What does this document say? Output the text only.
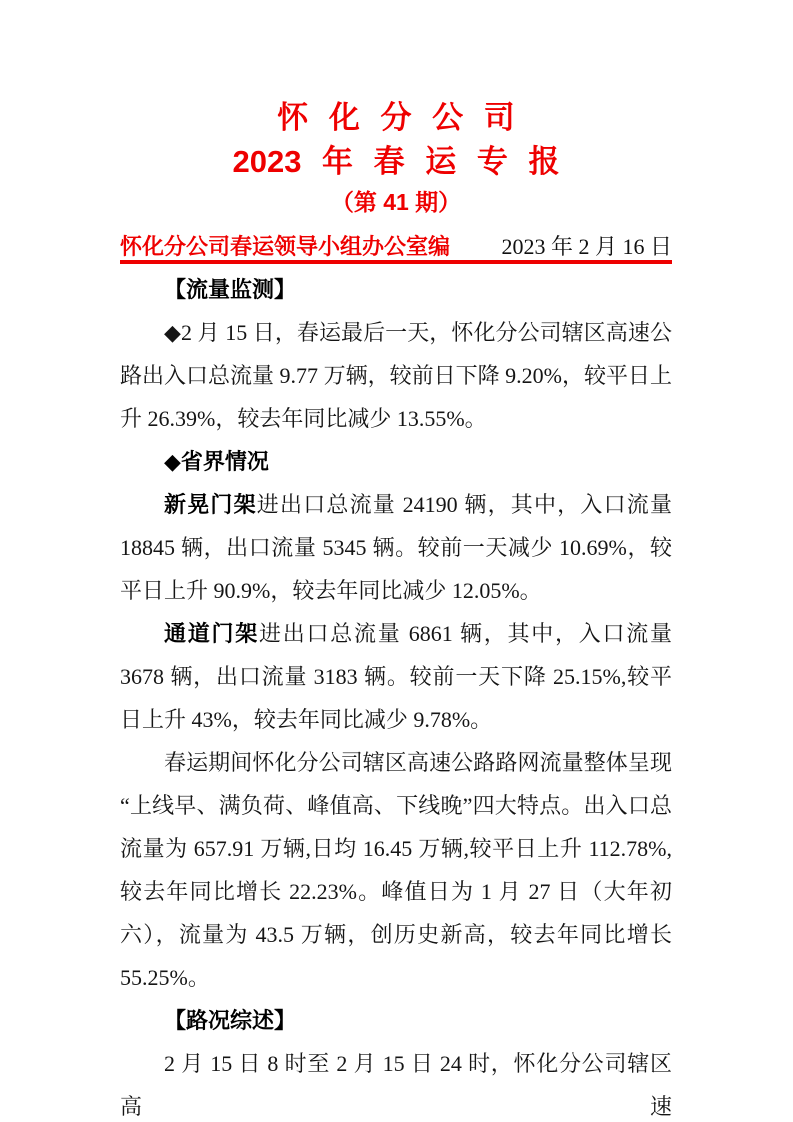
怀 化 分 公 司
2023 年 春 运 专 报
（第 41 期）
怀化分公司春运领导小组办公室编 2023 年 2 月 16 日

【流量监测】

◆2 月 15 日，春运最后一天，怀化分公司辖区高速公路出入口总流量 9.77 万辆，较前日下降 9.20%，较平日上升 26.39%，较去年同比减少 13.55%。

◆省界情况

新晃门架进出口总流量 24190 辆，其中，入口流量 18845 辆，出口流量 5345 辆。较前一天减少 10.69%，较平日上升 90.9%，较去年同比减少 12.05%。

通道门架进出口总流量 6861 辆，其中，入口流量 3678 辆，出口流量 3183 辆。较前一天下降 25.15%,较平日上升 43%，较去年同比减少 9.78%。

春运期间怀化分公司辖区高速公路路网流量整体呈现“上线早、满负荷、峰值高、下线晚”四大特点。出入口总流量为 657.91 万辆,日均 16.45 万辆,较平日上升 112.78%,较去年同比增长 22.23%。峰值日为 1 月 27 日（大年初六），流量为 43.5 万辆，创历史新高，较去年同比增长 55.25%。

【路况综述】

2 月 15 日 8 时至 2 月 15 日 24 时，怀化分公司辖区高速
